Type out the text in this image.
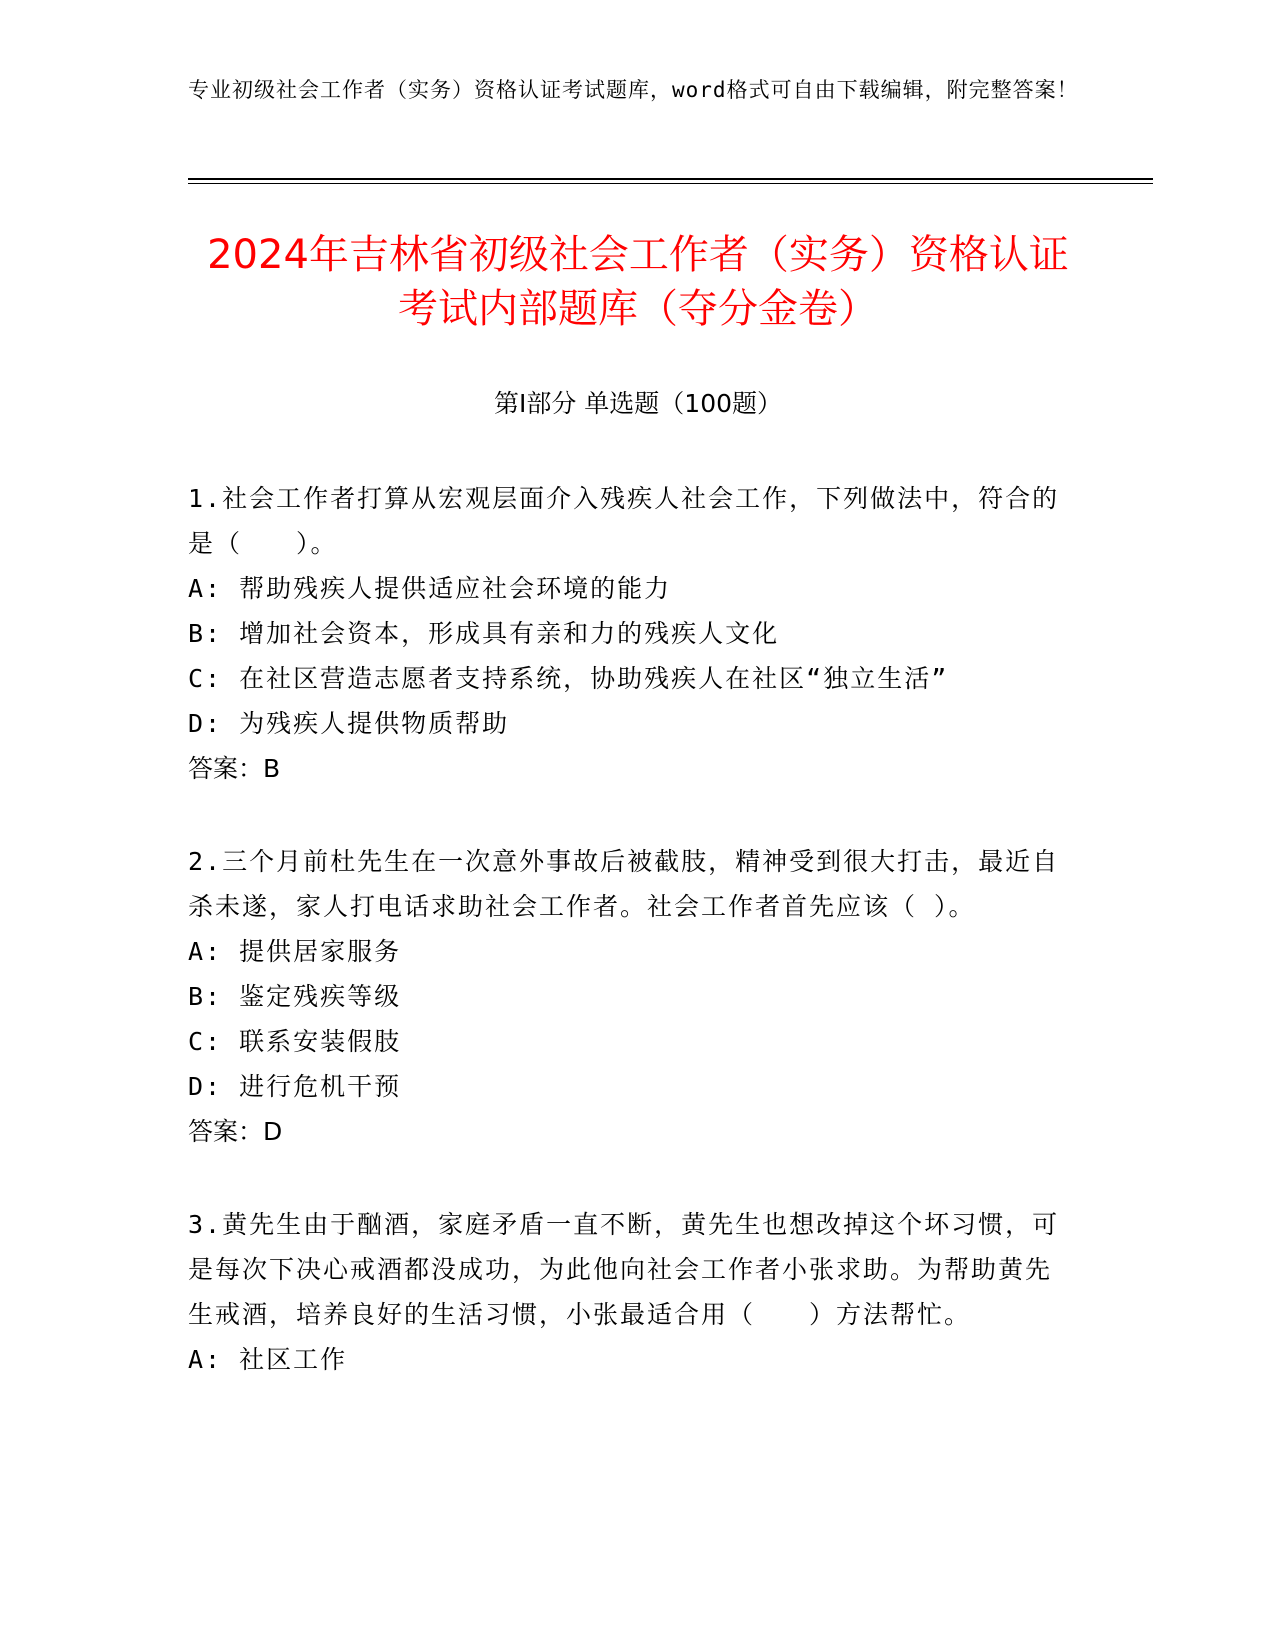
专业初级社会工作者（实务）资格认证考试题库，word格式可自由下载编辑，附完整答案！
2024年吉林省初级社会工作者（实务）资格认证考试内部题库（夺分金卷）
第Ⅰ部分 单选题（100题）

1.社会工作者打算从宏观层面介入残疾人社会工作，下列做法中，符合的是（　　）。

A: 帮助残疾人提供适应社会环境的能力

B: 增加社会资本，形成具有亲和力的残疾人文化

C: 在社区营造志愿者支持系统，协助残疾人在社区“独立生活”

D: 为残疾人提供物质帮助

答案：B

2.三个月前杜先生在一次意外事故后被截肢，精神受到很大打击，最近自杀未遂，家人打电话求助社会工作者。社会工作者首先应该（ ）。

A: 提供居家服务

B: 鉴定残疾等级

C: 联系安装假肢

D: 进行危机干预

答案：D

3.黄先生由于酗酒，家庭矛盾一直不断，黄先生也想改掉这个坏习惯，可是每次下决心戒酒都没成功，为此他向社会工作者小张求助。为帮助黄先生戒酒，培养良好的生活习惯，小张最适合用（　　）方法帮忙。

A: 社区工作
